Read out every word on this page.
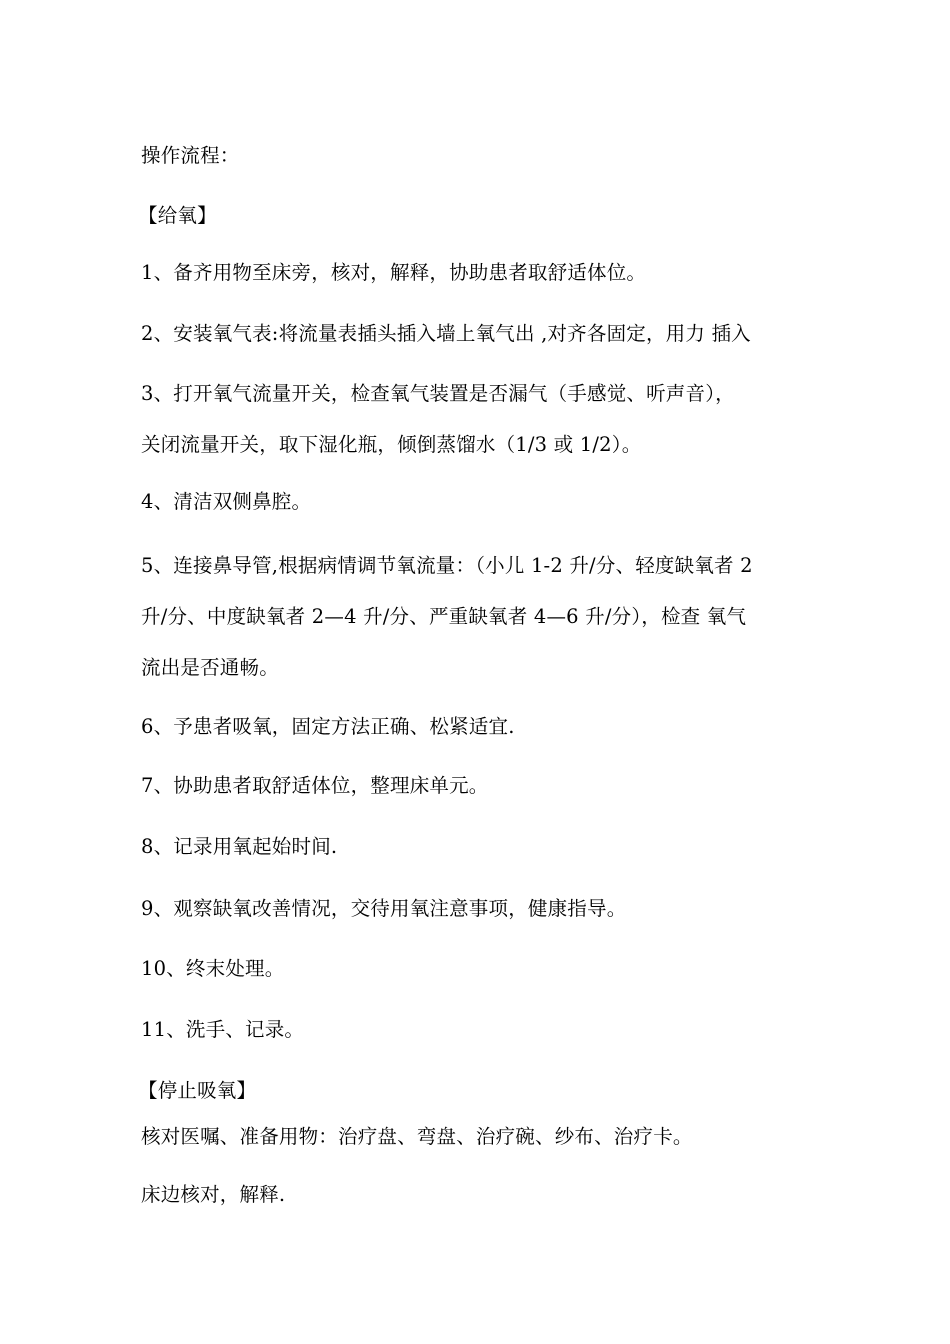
操作流程：
【给氧】
1、备齐用物至床旁，核对，解释，协助患者取舒适体位。
2、安装氧气表:将流量表插头插入墙上氧气出 ,对齐各固定，用力 插入
3、打开氧气流量开关，检查氧气装置是否漏气（手感觉、听声音），
关闭流量开关，取下湿化瓶，倾倒蒸馏水（1/3 或 1/2）。
4、清洁双侧鼻腔。
5、连接鼻导管,根据病情调节氧流量：（小儿 1-2 升/分、轻度缺氧者 2
升/分、中度缺氧者 2—4 升/分、严重缺氧者 4—6 升/分），检查 氧气
流出是否通畅。
6、予患者吸氧，固定方法正确、松紧适宜.
7、协助患者取舒适体位，整理床单元。
8、记录用氧起始时间.
9、观察缺氧改善情况，交待用氧注意事项，健康指导。
10、终末处理。
11、洗手、记录。
【停止吸氧】
核对医嘱、准备用物：治疗盘、弯盘、治疗碗、纱布、治疗卡。
床边核对，解释.
